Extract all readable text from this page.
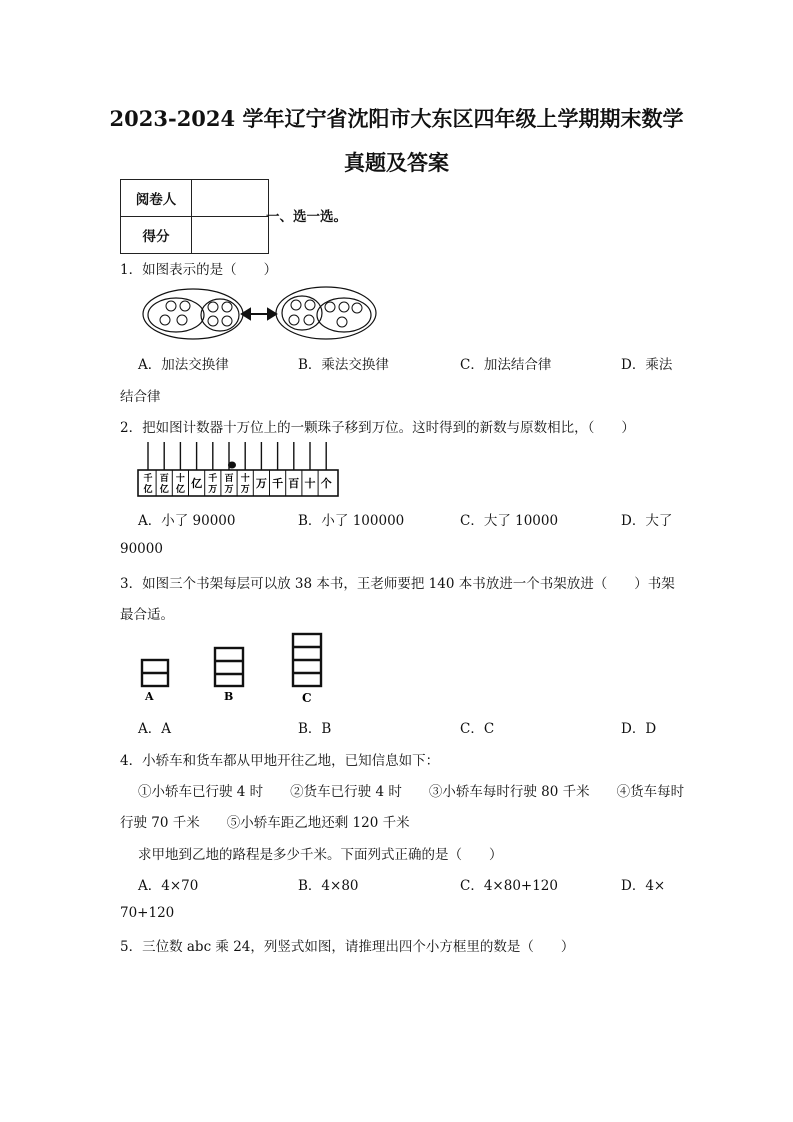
2023-2024 学年辽宁省沈阳市大东区四年级上学期期末数学
真题及答案
阅卷人	
得分	
一、选一选。
1．如图表示的是（　　）
A．加法交换律	B．乘法交换律	C．加法结合律	D．乘法
结合律
2．把如图计数器十万位上的一颗珠子移到万位。这时得到的新数与原数相比，（　　）
千
亿
百
亿
十
亿 亿 千
万
百
万
十
万 万 千 百 十 个
A．小了 90000	B．小了 100000	C．大了 10000	D．大了
90000
3．如图三个书架每层可以放 38 本书，王老师要把 140 本书放进一个书架放进（　　）书架
最合适。
A	B	C
A．A	B．B	C．C	D．D
4．小轿车和货车都从甲地开往乙地，已知信息如下：
①小轿车已行驶 4 时　　②货车已行驶 4 时　　③小轿车每时行驶 80 千米　　④货车每时
行驶 70 千米　　⑤小轿车距乙地还剩 120 千米
求甲地到乙地的路程是多少千米。下面列式正确的是（　　）
A．4×70	B．4×80	C．4×80+120	D．4×
70+120
5．三位数 abc 乘 24，列竖式如图，请推理出四个小方框里的数是（　　）
